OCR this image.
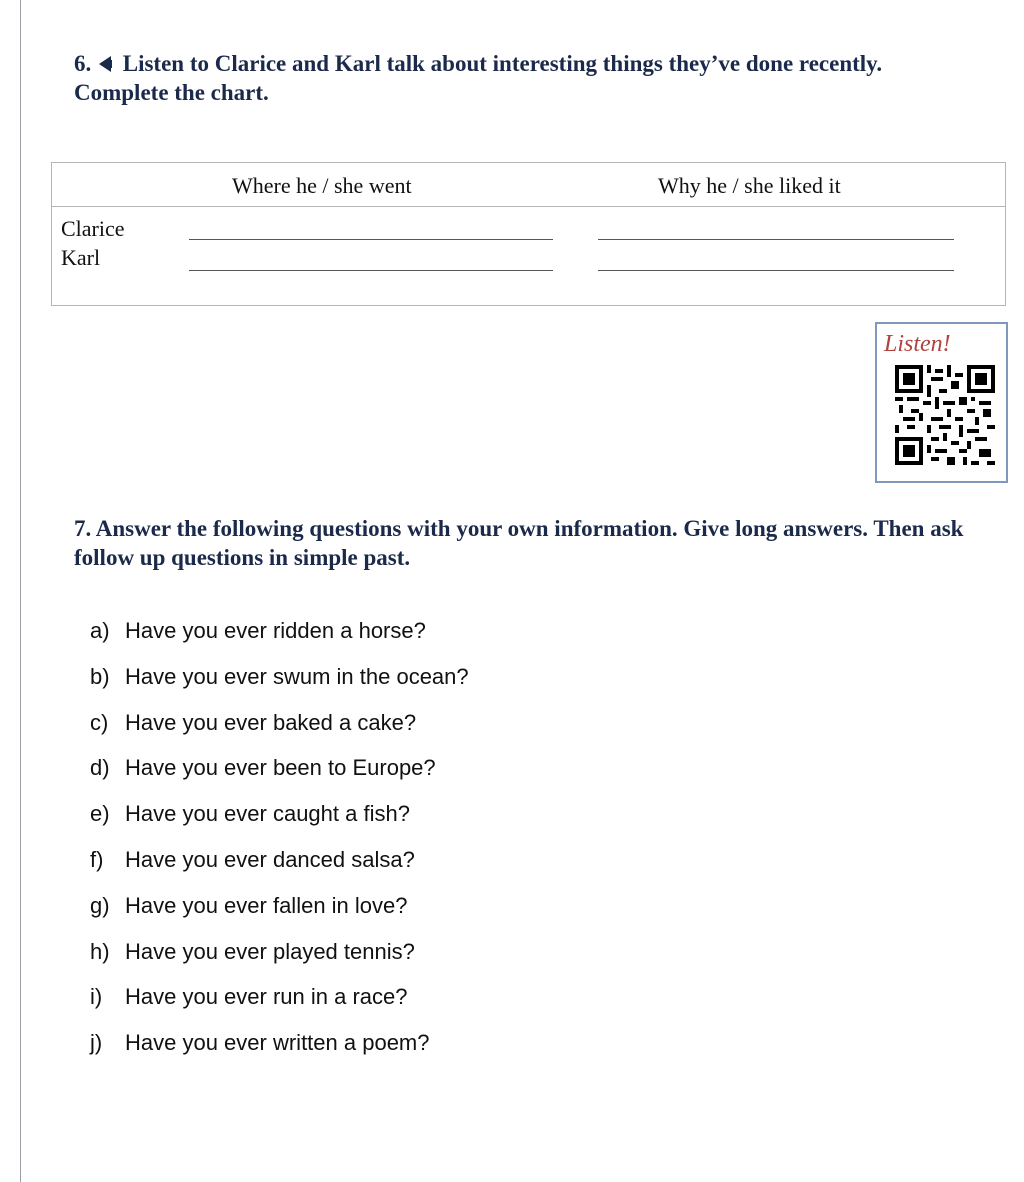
6. Listen to Clarice and Karl talk about interesting things they’ve done recently. Complete the chart.
Where he / she went	Why he / she liked it
Clarice
Karl
Listen!
7. Answer the following questions with your own information. Give long answers. Then ask follow up questions in simple past.
a) Have you ever ridden a horse?
b) Have you ever swum in the ocean?
c) Have you ever baked a cake?
d) Have you ever been to Europe?
e) Have you ever caught a fish?
f) Have you ever danced salsa?
g) Have you ever fallen in love?
h) Have you ever played tennis?
i) Have you ever run in a race?
j) Have you ever written a poem?
